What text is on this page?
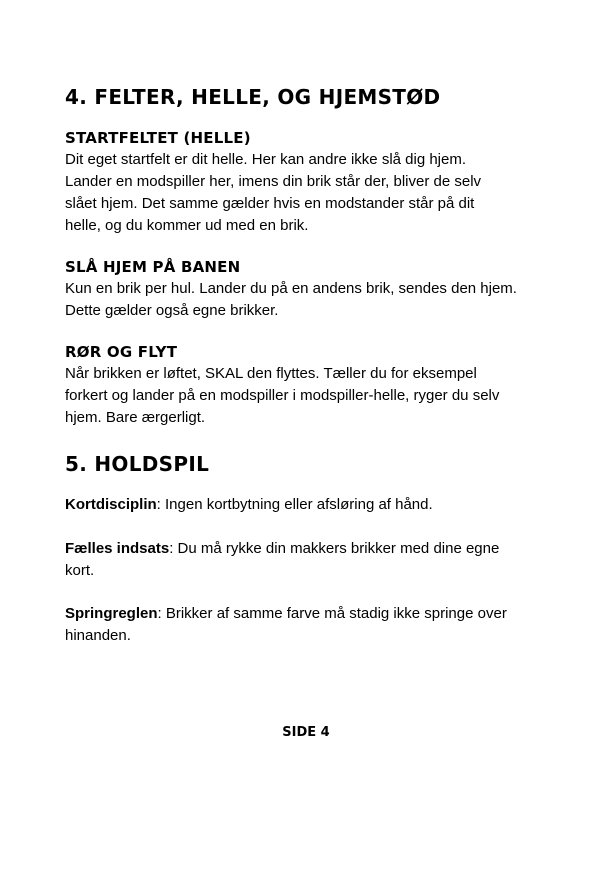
4. FELTER, HELLE, OG HJEMSTØD
STARTFELTET (HELLE)
Dit eget startfelt er dit helle. Her kan andre ikke slå dig hjem.
Lander en modspiller her, imens din brik står der, bliver de selv
slået hjem. Det samme gælder hvis en modstander står på dit
helle, og du kommer ud med en brik.
SLÅ HJEM PÅ BANEN
Kun en brik per hul. Lander du på en andens brik, sendes den hjem.
Dette gælder også egne brikker.
RØR OG FLYT
Når brikken er løftet, SKAL den flyttes. Tæller du for eksempel
forkert og lander på en modspiller i modspiller-helle, ryger du selv
hjem. Bare ærgerligt.
5. HOLDSPIL
Kortdisciplin: Ingen kortbytning eller afsløring af hånd.
Fælles indsats: Du må rykke din makkers brikker med dine egne
kort.
Springreglen: Brikker af samme farve må stadig ikke springe over
hinanden.

SIDE 4
